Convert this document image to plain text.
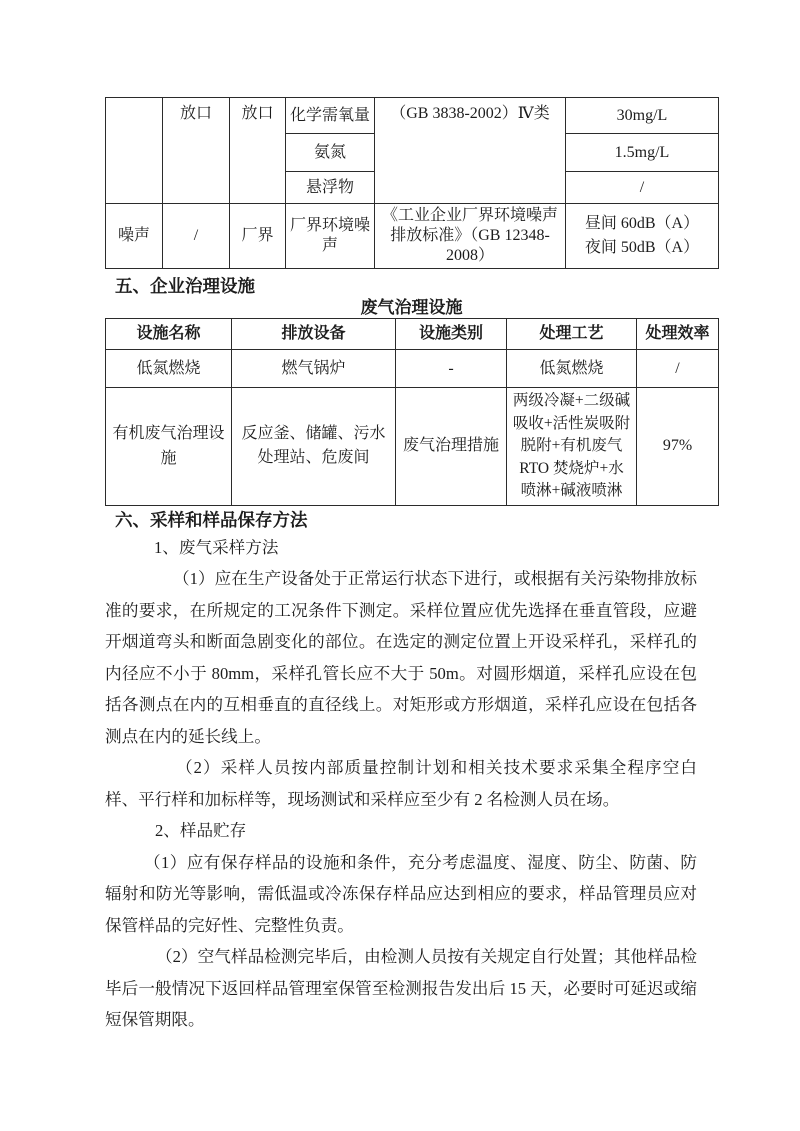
	放口	放口	化学需氧量	（GB 3838-2002）Ⅳ类	30mg/L
			氨氮		1.5mg/L
			悬浮物		/
噪声	/	厂界	厂界环境噪声	《工业企业厂界环境噪声排放标准》（GB 12348-2008）	昼间 60dB（A）
夜间 50dB（A）
五、企业治理设施
废气治理设施
设施名称	排放设备	设施类别	处理工艺	处理效率
低氮燃烧	燃气锅炉	-	低氮燃烧	/
有机废气治理设施	反应釜、储罐、污水处理站、危废间	废气治理措施	两级冷凝+二级碱吸收+活性炭吸附脱附+有机废气 RTO 焚烧炉+水喷淋+碱液喷淋	97%
六、采样和样品保存方法

1、废气采样方法

（1）应在生产设备处于正常运行状态下进行，或根据有关污染物排放标准的要求，在所规定的工况条件下测定。采样位置应优先选择在垂直管段，应避开烟道弯头和断面急剧变化的部位。在选定的测定位置上开设采样孔，采样孔的内径应不小于 80mm，采样孔管长应不大于 50m。对圆形烟道，采样孔应设在包括各测点在内的互相垂直的直径线上。对矩形或方形烟道，采样孔应设在包括各测点在内的延长线上。

（2）采样人员按内部质量控制计划和相关技术要求采集全程序空白样、平行样和加标样等，现场测试和采样应至少有 2 名检测人员在场。

2、样品贮存

（1）应有保存样品的设施和条件，充分考虑温度、湿度、防尘、防菌、防辐射和防光等影响，需低温或冷冻保存样品应达到相应的要求，样品管理员应对保管样品的完好性、完整性负责。

（2）空气样品检测完毕后，由检测人员按有关规定自行处置；其他样品检毕后一般情况下返回样品管理室保管至检测报告发出后 15 天，必要时可延迟或缩短保管期限。
